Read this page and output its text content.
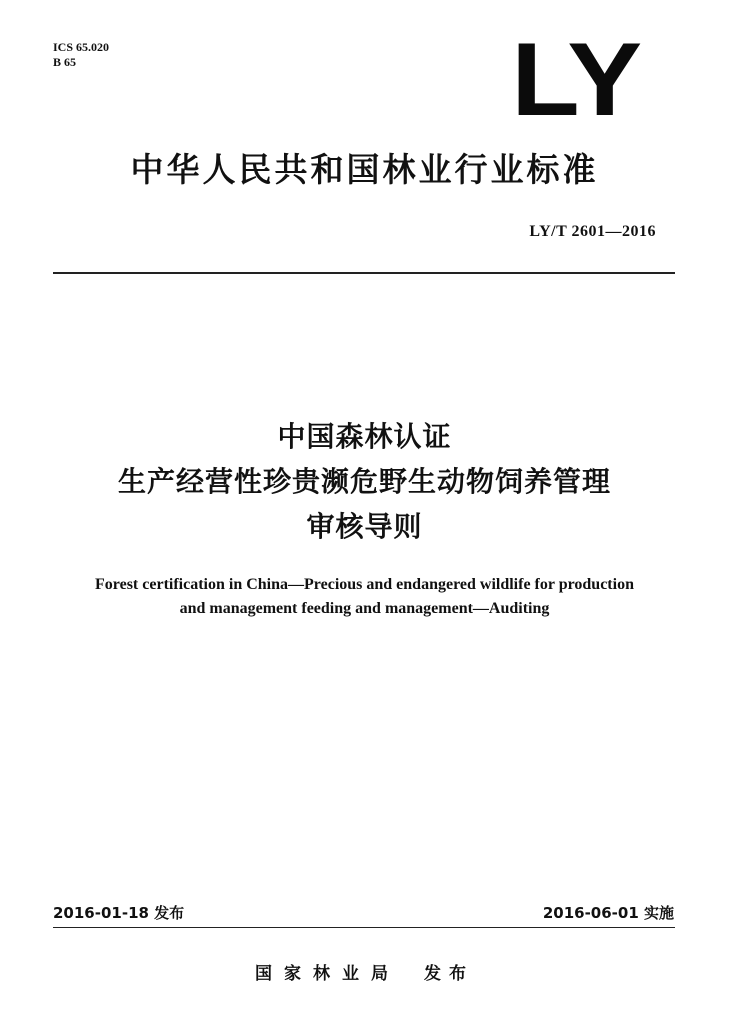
ICS 65.020
B 65	LY
中华人民共和国林业行业标准
LY/T 2601—2016
中国森林认证
生产经营性珍贵濒危野生动物饲养管理
审核导则
Forest certification in China—Precious and endangered wildlife for production
and management feeding and management—Auditing
2016-01-18 发布	2016-06-01 实施
国家林业局 发布
